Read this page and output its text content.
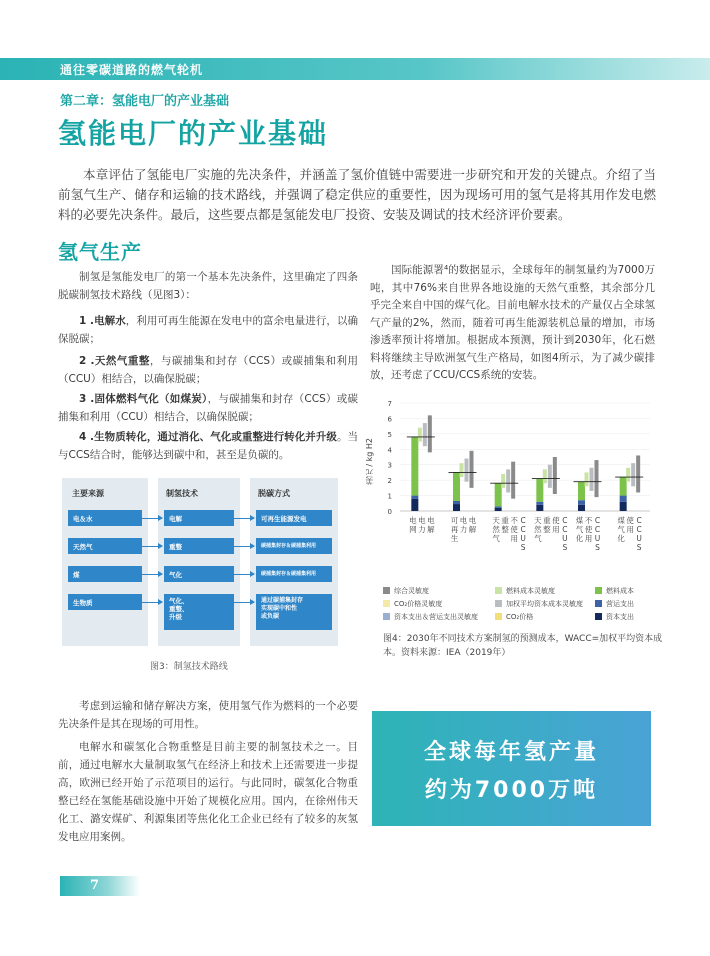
通往零碳道路的燃气轮机
第二章：氢能电厂的产业基础
氢能电厂的产业基础

本章评估了氢能电厂实施的先决条件，并涵盖了氢价值链中需要进一步研究和开发的关键点。介绍了当前氢气生产、储存和运输的技术路线，并强调了稳定供应的重要性，因为现场可用的氢气是将其用作发电燃料的必要先决条件。最后，这些要点都是氢能发电厂投资、安装及调试的技术经济评价要素。

氢气生产

制氢是氢能发电厂的第一个基本先决条件，这里确定了四条脱碳制氢技术路线（见图3）：

1 .电解水，利用可再生能源在发电中的富余电量进行，以确保脱碳；

2 .天然气重整，与碳捕集和封存（CCS）或碳捕集和利用（CCU）相结合，以确保脱碳；

3 .固体燃料气化（如煤炭），与碳捕集和封存（CCS）或碳捕集和利用（CCU）相结合，以确保脱碳；

4 .生物质转化，通过消化、气化或重整进行转化并升级。当与CCS结合时，能够达到碳中和，甚至是负碳的。

主要来源	制氢技术	脱碳方式
电＆水
天然气
煤
生物质
电解
重整
气化
气化、
重整、
升级
可再生能源发电
碳捕集封存＆碳捕集利用
碳捕集封存＆碳捕集利用
通过碳捕集封存
实现碳中和性
或负碳
图3：制氢技术路线

考虑到运输和储存解决方案，使用氢气作为燃料的一个必要先决条件是其在现场的可用性。

电解水和碳氢化合物重整是目前主要的制氢技术之一。目前，通过电解水大量制取氢气在经济上和技术上还需要进一步提高，欧洲已经开始了示范项目的运行。与此同时，碳氢化合物重整已经在氢能基础设施中开始了规模化应用。国内，在徐州伟天化工、潞安煤矿、利源集团等焦化化工企业已经有了较多的灰氢发电应用案例。

国际能源署⁴的数据显示，全球每年的制氢量约为7000万吨，其中76%来自世界各地设施的天然气重整，其余部分几乎完全来自中国的煤气化。目前电解水技术的产量仅占全球氢气产量的2%，然而，随着可再生能源装机总量的增加，市场渗透率预计将增加。根据成本预测，预计到2030年，化石燃料将继续主导欧洲氢气生产格局，如图4所示，为了减少碳排放，还考虑了CCU/CCS系统的安装。

美元 / kg H2
0
1
2
3
4
5
6
7
电
网
电
力
电
解
可
再
生
电
力
电
解
天
然
气
重
整
不
使
用
C
C
U
S
天
然
气
重
整
使
用
C
C
U
S
煤
气
化
不
使
用
C
C
U
S
煤
气
化
使
用
C
C
U
S
综合灵敏度	燃料成本灵敏度	燃料成本
CO₂价格灵敏度	加权平均资本成本灵敏度	营运支出
资本支出＆营运支出灵敏度	CO₂价格	资本支出
图4：2030年不同技术方案制氢的预测成本，WACC=加权平均资本成本。资料来源：IEA（2019年）
全球每年氢产量
约为7000万吨
7
